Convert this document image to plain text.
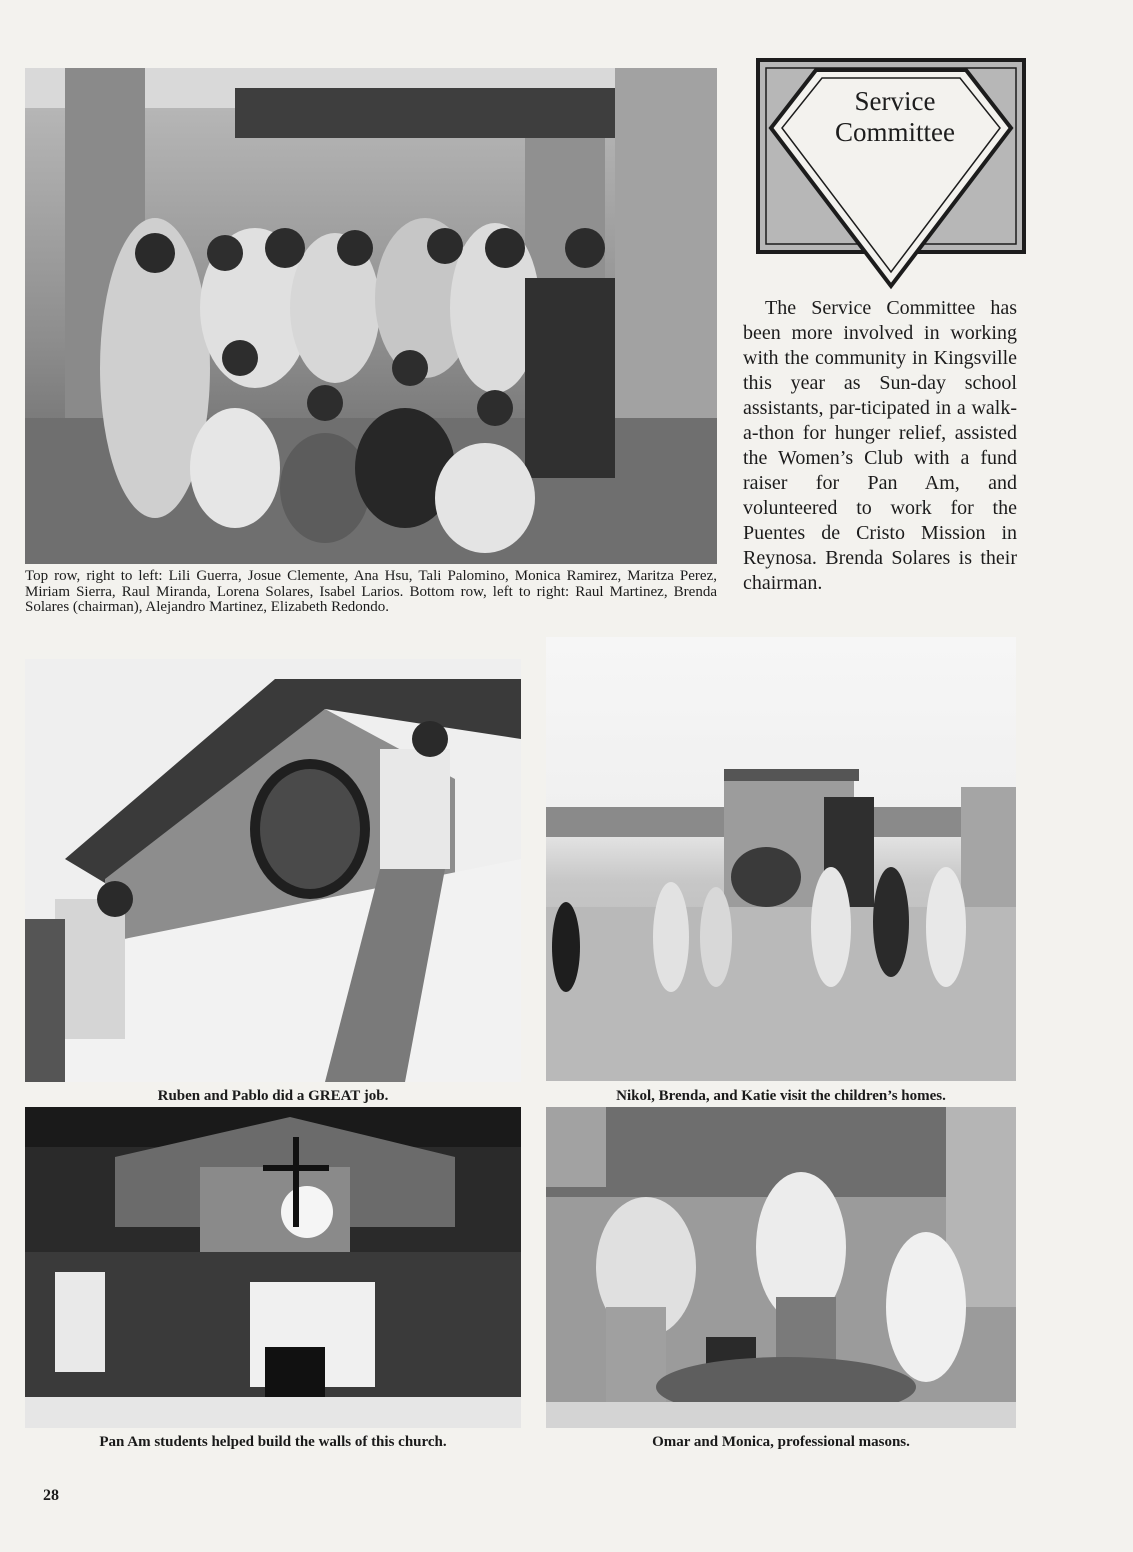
Top row, right to left: Lili Guerra, Josue Clemente, Ana Hsu, Tali Palomino, Monica Ramirez, Maritza Perez, Miriam Sierra, Raul Miranda, Lorena Solares, Isabel Larios. Bottom row, left to right: Raul Martinez, Brenda Solares (chairman), Alejandro Martinez, Elizabeth Redondo.
Service
Committee

The Service Committee has been more involved in working with the community in Kingsville this year as Sun-day school assistants, par-ticipated in a walk-a-thon for hunger relief, assisted the Women’s Club with a fund raiser for Pan Am, and volunteered to work for the Puentes de Cristo Mission in Reynosa. Brenda Solares is their chairman.

Ruben and Pablo did a GREAT job.	Nikol, Brenda, and Katie visit the children’s homes.
Pan Am students helped build the walls of this church.	Omar and Monica, professional masons.
28
